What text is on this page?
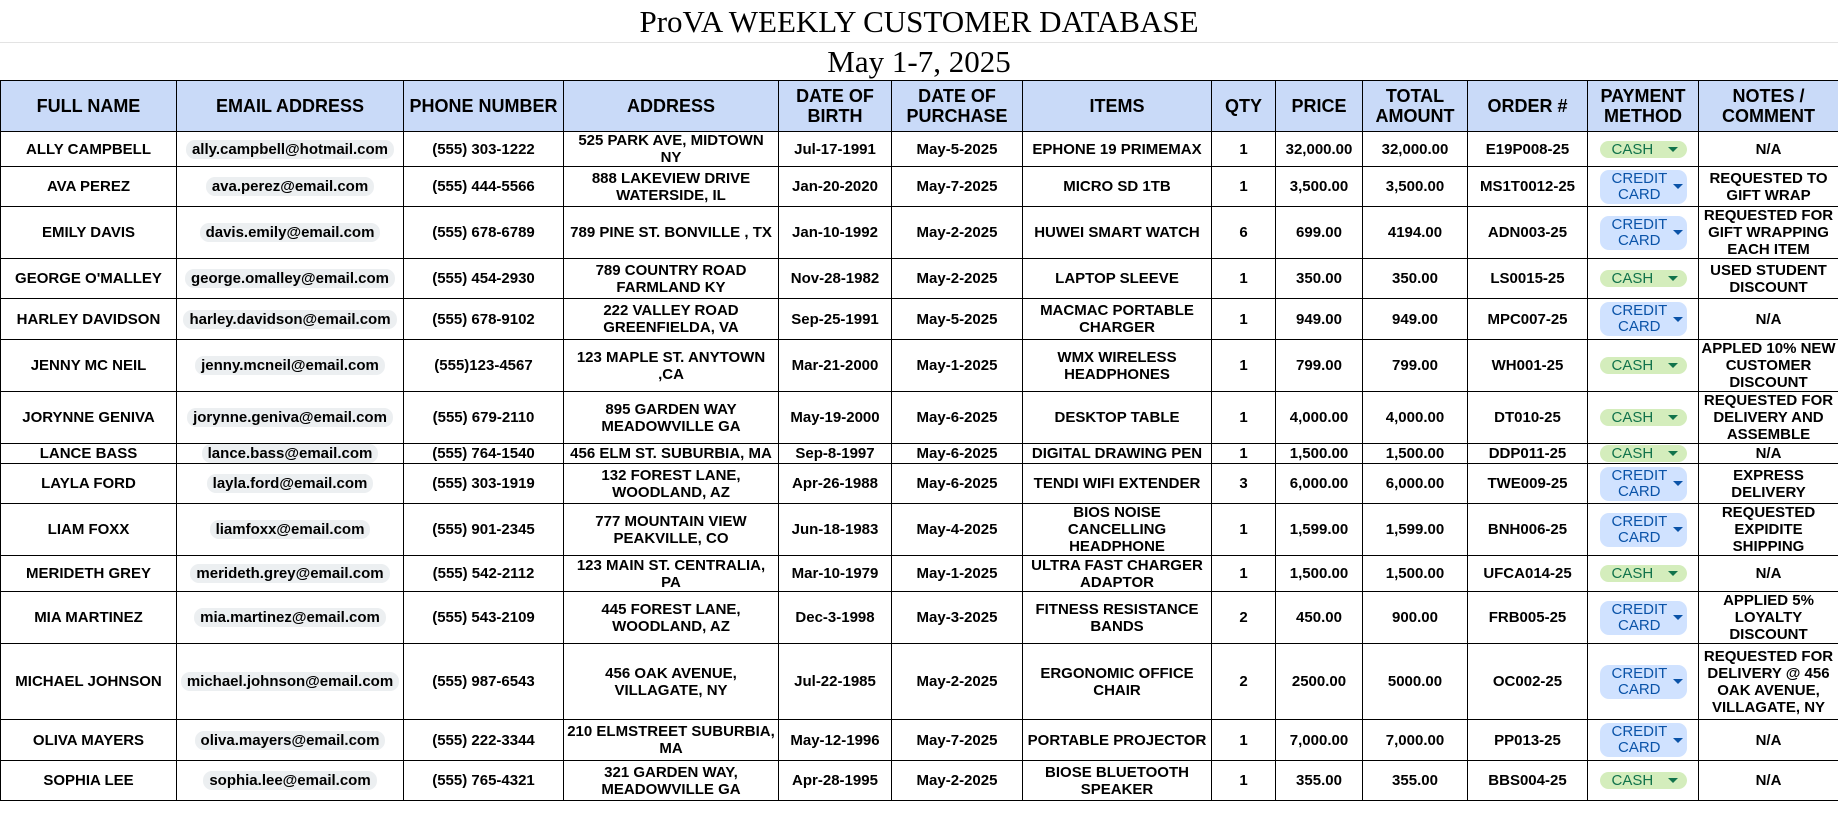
ProVA WEEKLY CUSTOMER DATABASE
May 1-7, 2025
FULL NAME	EMAIL ADDRESS	PHONE NUMBER	ADDRESS	DATE OF BIRTH	DATE OF PURCHASE	ITEMS	QTY	PRICE	TOTAL AMOUNT	ORDER #	PAYMENT METHOD	NOTES / COMMENT
ALLY CAMPBELL	ally.campbell@hotmail.com	(555) 303-1222	525 PARK AVE, MIDTOWN NY	Jul-17-1991	May-5-2025	EPHONE 19 PRIMEMAX	1	32,000.00	32,000.00	E19P008-25	CASH	N/A
AVA PEREZ	ava.perez@email.com	(555) 444-5566	888 LAKEVIEW DRIVE WATERSIDE, IL	Jan-20-2020	May-7-2025	MICRO SD 1TB	1	3,500.00	3,500.00	MS1T0012-25	CREDIT CARD	REQUESTED TO GIFT WRAP
EMILY DAVIS	davis.emily@email.com	(555) 678-6789	789 PINE ST. BONVILLE , TX	Jan-10-1992	May-2-2025	HUWEI SMART WATCH	6	699.00	4194.00	ADN003-25	CREDIT CARD	REQUESTED FOR GIFT WRAPPING EACH ITEM
GEORGE O'MALLEY	george.omalley@email.com	(555) 454-2930	789 COUNTRY ROAD FARMLAND KY	Nov-28-1982	May-2-2025	LAPTOP SLEEVE	1	350.00	350.00	LS0015-25	CASH	USED STUDENT DISCOUNT
HARLEY DAVIDSON	harley.davidson@email.com	(555) 678-9102	222 VALLEY ROAD GREENFIELDA, VA	Sep-25-1991	May-5-2025	MACMAC PORTABLE CHARGER	1	949.00	949.00	MPC007-25	CREDIT CARD	N/A
JENNY MC NEIL	jenny.mcneil@email.com	(555)123-4567	123 MAPLE ST. ANYTOWN ,CA	Mar-21-2000	May-1-2025	WMX WIRELESS HEADPHONES	1	799.00	799.00	WH001-25	CASH	APPLED 10% NEW CUSTOMER DISCOUNT
JORYNNE GENIVA	jorynne.geniva@email.com	(555) 679-2110	895 GARDEN WAY MEADOWVILLE GA	May-19-2000	May-6-2025	DESKTOP TABLE	1	4,000.00	4,000.00	DT010-25	CASH	REQUESTED FOR DELIVERY AND ASSEMBLE
LANCE BASS	lance.bass@email.com	(555) 764-1540	456 ELM ST. SUBURBIA, MA	Sep-8-1997	May-6-2025	DIGITAL DRAWING PEN	1	1,500.00	1,500.00	DDP011-25	CASH	N/A
LAYLA FORD	layla.ford@email.com	(555) 303-1919	132 FOREST LANE, WOODLAND, AZ	Apr-26-1988	May-6-2025	TENDI WIFI EXTENDER	3	6,000.00	6,000.00	TWE009-25	CREDIT CARD	EXPRESS DELIVERY
LIAM FOXX	liamfoxx@email.com	(555) 901-2345	777 MOUNTAIN VIEW PEAKVILLE, CO	Jun-18-1983	May-4-2025	BIOS NOISE CANCELLING HEADPHONE	1	1,599.00	1,599.00	BNH006-25	CREDIT CARD	REQUESTED EXPIDITE SHIPPING
MERIDETH GREY	merideth.grey@email.com	(555) 542-2112	123 MAIN ST. CENTRALIA, PA	Mar-10-1979	May-1-2025	ULTRA FAST CHARGER ADAPTOR	1	1,500.00	1,500.00	UFCA014-25	CASH	N/A
MIA MARTINEZ	mia.martinez@email.com	(555) 543-2109	445 FOREST LANE, WOODLAND, AZ	Dec-3-1998	May-3-2025	FITNESS RESISTANCE BANDS	2	450.00	900.00	FRB005-25	CREDIT CARD	APPLIED 5% LOYALTY DISCOUNT
MICHAEL JOHNSON	michael.johnson@email.com	(555) 987-6543	456 OAK AVENUE, VILLAGATE, NY	Jul-22-1985	May-2-2025	ERGONOMIC OFFICE CHAIR	2	2500.00	5000.00	OC002-25	CREDIT CARD	REQUESTED FOR DELIVERY @ 456 OAK AVENUE, VILLAGATE, NY
OLIVA MAYERS	oliva.mayers@email.com	(555) 222-3344	210 ELMSTREET SUBURBIA, MA	May-12-1996	May-7-2025	PORTABLE PROJECTOR	1	7,000.00	7,000.00	PP013-25	CREDIT CARD	N/A
SOPHIA LEE	sophia.lee@email.com	(555) 765-4321	321 GARDEN WAY, MEADOWVILLE GA	Apr-28-1995	May-2-2025	BIOSE BLUETOOTH SPEAKER	1	355.00	355.00	BBS004-25	CASH	N/A
